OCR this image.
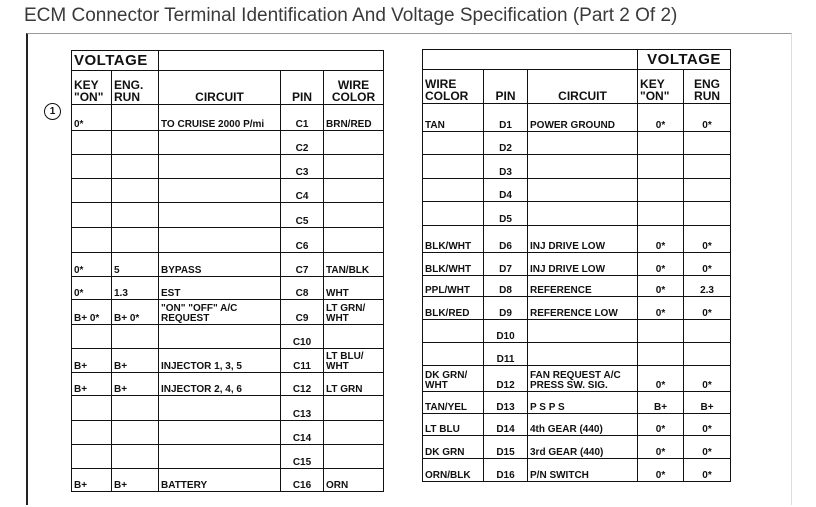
ECM Connector Terminal Identification And Voltage Specification (Part 2 Of 2)
1
VOLTAGE				
KEY "ON"	ENG. RUN	CIRCUIT	PIN	WIRE COLOR
0*		TO CRUISE 2000 P/mi	C1	BRN/RED
			C2	
			C3	
			C4	
			C5	
			C6	
0*	5	BYPASS	C7	TAN/BLK
0*	1.3	EST	C8	WHT
B+ 0*	B+ 0*	"ON" "OFF" A/C REQUEST	C9	LT GRN/ WHT
			C10	
B+	B+	INJECTOR 1, 3, 5	C11	LT BLU/ WHT
B+	B+	INJECTOR 2, 4, 6	C12	LT GRN
			C13	
			C14	
			C15	
B+	B+	BATTERY	C16	ORN
			VOLTAGE	
WIRE COLOR	PIN	CIRCUIT	KEY "ON"	ENG RUN
TAN	D1	POWER GROUND	0*	0*
	D2			
	D3			
	D4			
	D5			
BLK/WHT	D6	INJ DRIVE LOW	0*	0*
BLK/WHT	D7	INJ DRIVE LOW	0*	0*
PPL/WHT	D8	REFERENCE	0*	2.3
BLK/RED	D9	REFERENCE LOW	0*	0*
	D10			
	D11			
DK GRN/ WHT	D12	FAN REQUEST A/C PRESS SW. SIG.	0*	0*
TAN/YEL	D13	P S P S	B+	B+
LT BLU	D14	4th GEAR (440)	0*	0*
DK GRN	D15	3rd GEAR (440)	0*	0*
ORN/BLK	D16	P/N SWITCH	0*	0*
